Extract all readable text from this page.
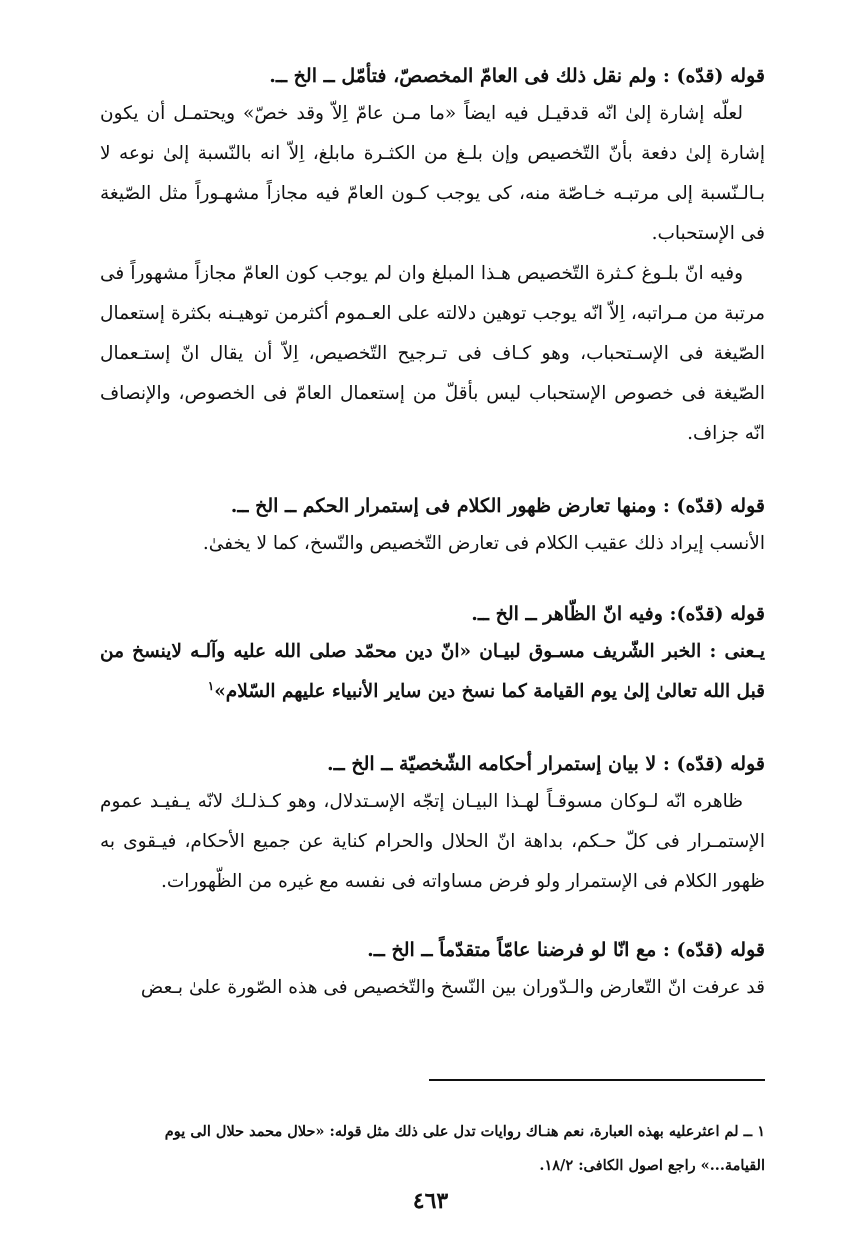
قوله (قدّه) : ولم نقل ذلك فى العامّ المخصصّ، فتأمّل ــ الخ ــ.

لعلّه إشارة إلىٰ انّه قدقيـل فيه ايضاً «ما مـن عامّ اِلاّ وقد خصّ» ويحتمـل أن يكون إشارة إلىٰ دفعة بأنّ التّخصيص وإن بلـغ من الكثـرة مابلغ، اِلاّ انه بالنّسبة إلىٰ نوعه لا بـالـنّسبة إلى مرتبـه خـاصّة منه، كى يوجب كـون العامّ فيه مجازاً مشهـوراً مثل الصّيغة فى الإستحباب.

وفيه انّ بلـوغ كـثرة التّخصيص هـذا المبلغ وان لم يوجب كون العامّ مجازاً مشهوراً فى مرتبة من مـراتبه، اِلاّ انّه يوجب توهين دلالته على العـموم أكثرمن توهيـنه بكثرة إستعمال الصّيغة فى الإسـتحباب، وهو كـاف فى تـرجيح التّخصيص، اِلاّ أن يقال انّ إستـعمال الصّيغة فى خصوص الإستحباب ليس بأقلّ من إستعمال العامّ فى الخصوص، والإنصاف انّه جزاف.

قوله (قدّه) : ومنها تعارض ظهور الكلام فى إستمرار الحكم ــ الخ ــ.

الأنسب إيراد ذلك عقيب الكلام فى تعارض التّخصيص والنّسخ، كما لا يخفىٰ.

قوله (قدّه): وفيه انّ الظّاهر ــ الخ ــ.

يـعنى : الخبر الشّريف مسـوق لبيـان «انّ دين محمّد صلى الله عليه وآلـه لاينسخ من قبل الله تعالىٰ إلىٰ يوم القيامة كما نسخ دين ساير الأنبياء عليهم السّلام»$^١$

قوله (قدّه) : لا بيان إستمرار أحكامه الشّخصيّة ــ الخ ــ.

ظاهره انّه لـوكان مسوقـاً لهـذا البيـان إتجّه الإسـتدلال، وهو كـذلـك لانّه يـفيـد عموم الإستمـرار فى كلّ حـكم، بداهة انّ الحلال والحرام كناية عن جميع الأحكام، فيـقوى به ظهور الكلام فى الإستمرار ولو فرض مساواته فى نفسه مع غيره من الظّهورات.

قوله (قدّه) : مع انّا لو فرضنا عامّاً متقدّماً ــ الخ ــ.

قد عرفت انّ التّعارض والـدّوران بين النّسخ والتّخصيص فى هذه الصّورة علىٰ بـعض

١ ــ لم اعثرعليه بهذه العبارة، نعم هنـاك روايات تدل على ذلك مثل قوله: «حلال محمد حلال الى يوم القيامة...» راجع اصول الكافى: ١٨/٢.

٤٦٣
